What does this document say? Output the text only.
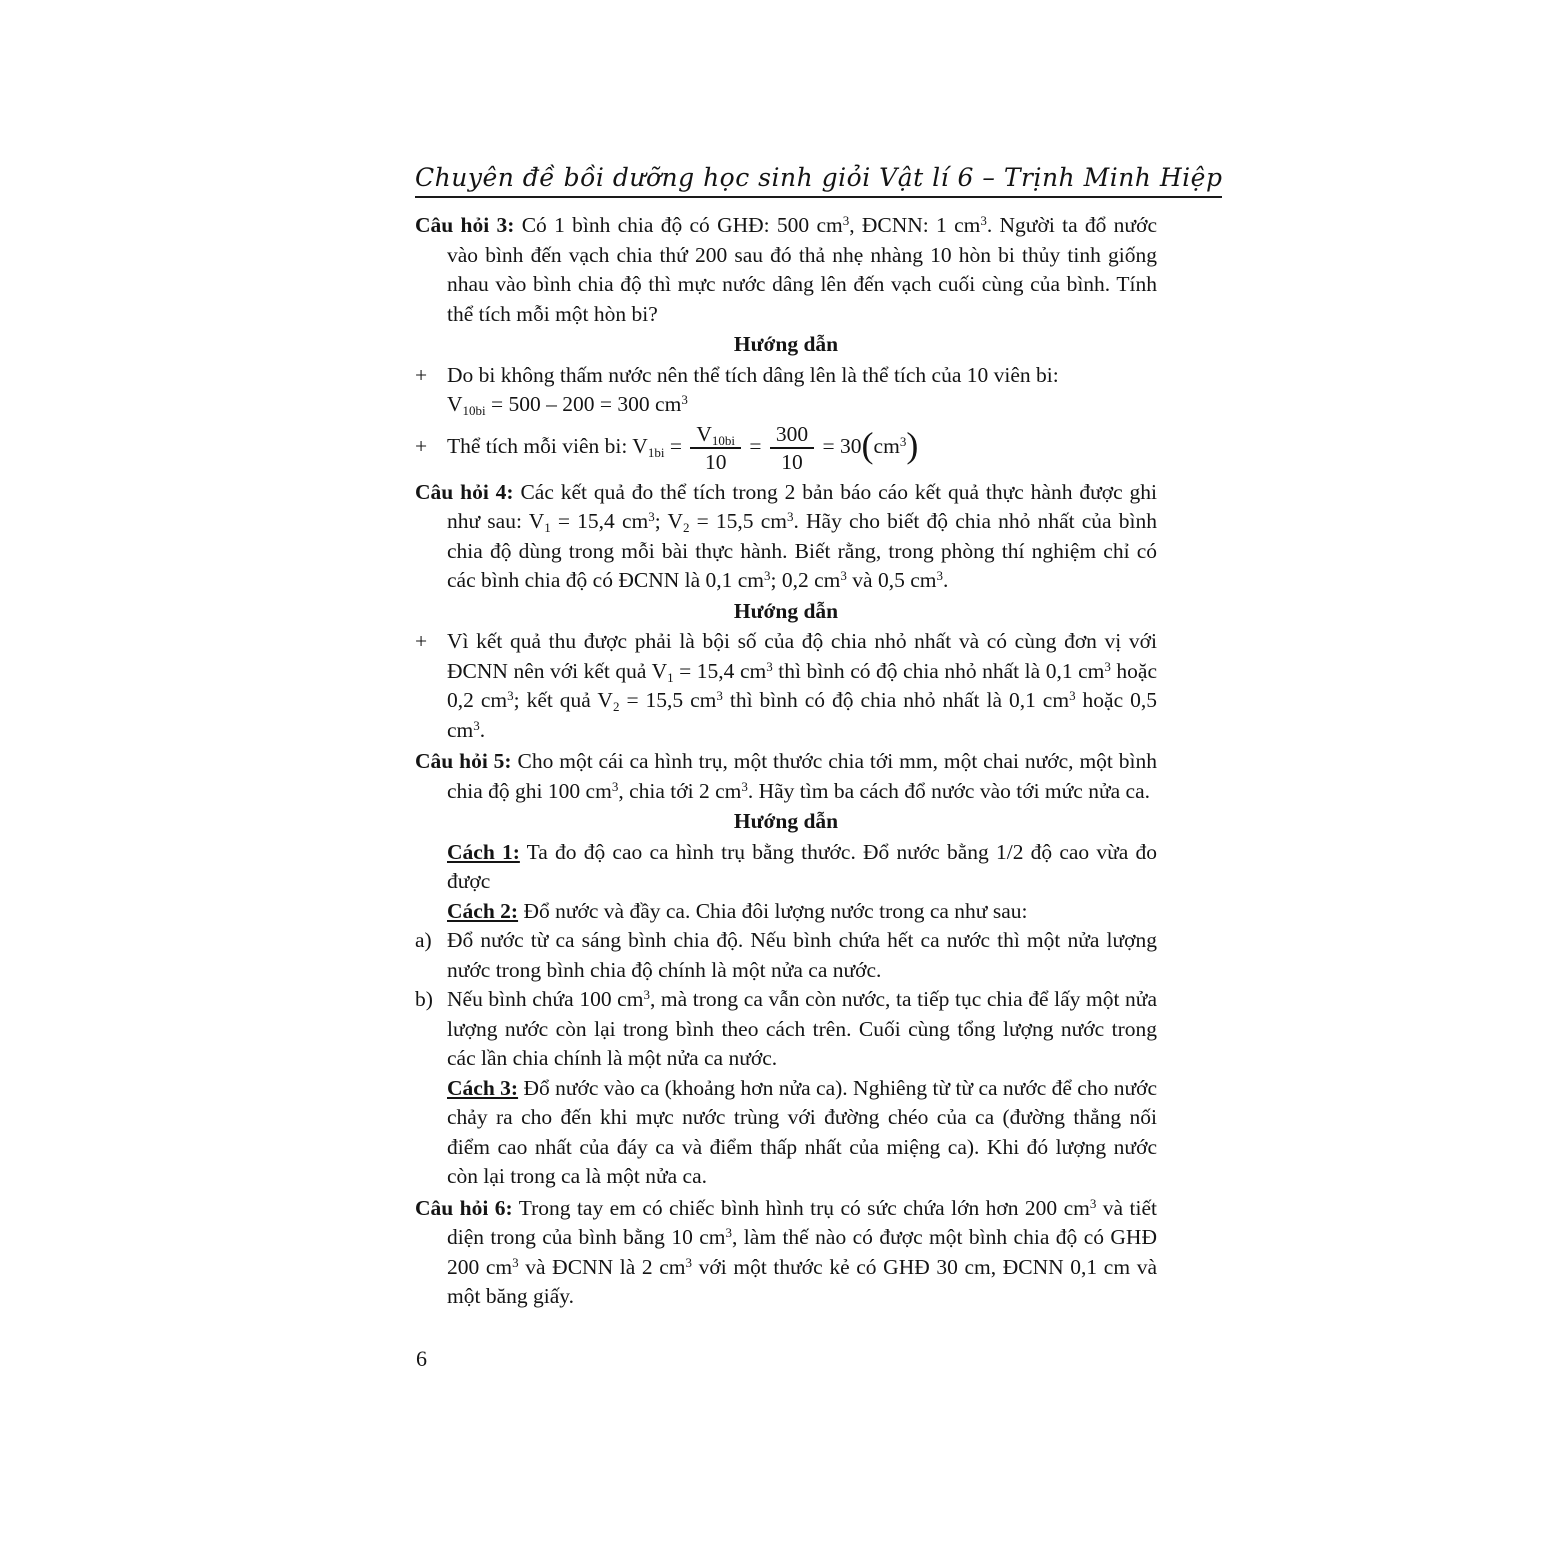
Chuyên đề bồi dưỡng học sinh giỏi Vật lí 6 – Trịnh Minh Hiệp
Câu hỏi 3: Có 1 bình chia độ có GHĐ: 500 $cm^3$, ĐCNN: 1 $cm^3$. Người ta đổ nước vào bình đến vạch chia thứ 200 sau đó thả nhẹ nhàng 10 hòn bi thủy tinh giống nhau vào bình chia độ thì mực nước dâng lên đến vạch cuối cùng của bình. Tính thể tích mỗi một hòn bi?
Hướng dẫn
+ Do bi không thấm nước nên thể tích dâng lên là thể tích của 10 viên bi:
$V_{10bi} = 500 - 200 = 300$ $cm^3$
+ Thể tích mỗi viên bi: $V_{1bi} = \frac{V_{10bi}}{10} = \frac{300}{10} = 30(cm^3)$
Câu hỏi 4: Các kết quả đo thể tích trong 2 bản báo cáo kết quả thực hành được ghi như sau: $V_1 = 15,4$ $cm^3$; $V_2 = 15,5$ $cm^3$. Hãy cho biết độ chia nhỏ nhất của bình chia độ dùng trong mỗi bài thực hành. Biết rằng, trong phòng thí nghiệm chỉ có các bình chia độ có ĐCNN là 0,1 $cm^3$; 0,2 $cm^3$ và 0,5 $cm^3$.
Hướng dẫn
+ Vì kết quả thu được phải là bội số của độ chia nhỏ nhất và có cùng đơn vị với ĐCNN nên với kết quả $V_1 = 15,4$ $cm^3$ thì bình có độ chia nhỏ nhất là 0,1 $cm^3$ hoặc 0,2 $cm^3$; kết quả $V_2 = 15,5$ $cm^3$ thì bình có độ chia nhỏ nhất là 0,1 $cm^3$ hoặc 0,5 $cm^3$.
Câu hỏi 5: Cho một cái ca hình trụ, một thước chia tới mm, một chai nước, một bình chia độ ghi 100 $cm^3$, chia tới 2 $cm^3$. Hãy tìm ba cách đổ nước vào tới mức nửa ca.
Hướng dẫn
Cách 1: Ta đo độ cao ca hình trụ bằng thước. Đổ nước bằng 1/2 độ cao vừa đo được
Cách 2: Đổ nước và đầy ca. Chia đôi lượng nước trong ca như sau:
a) Đổ nước từ ca sáng bình chia độ. Nếu bình chứa hết ca nước thì một nửa lượng nước trong bình chia độ chính là một nửa ca nước.
b) Nếu bình chứa 100 $cm^3$, mà trong ca vẫn còn nước, ta tiếp tục chia để lấy một nửa lượng nước còn lại trong bình theo cách trên. Cuối cùng tổng lượng nước trong các lần chia chính là một nửa ca nước.
Cách 3: Đổ nước vào ca (khoảng hơn nửa ca). Nghiêng từ từ ca nước để cho nước chảy ra cho đến khi mực nước trùng với đường chéo của ca (đường thẳng nối điểm cao nhất của đáy ca và điểm thấp nhất của miệng ca). Khi đó lượng nước còn lại trong ca là một nửa ca.
Câu hỏi 6: Trong tay em có chiếc bình hình trụ có sức chứa lớn hơn 200 $cm^3$ và tiết diện trong của bình bằng 10 $cm^3$, làm thế nào có được một bình chia độ có GHĐ 200 $cm^3$ và ĐCNN là 2 $cm^3$ với một thước kẻ có GHĐ 30 cm, ĐCNN 0,1 cm và một băng giấy.
6
